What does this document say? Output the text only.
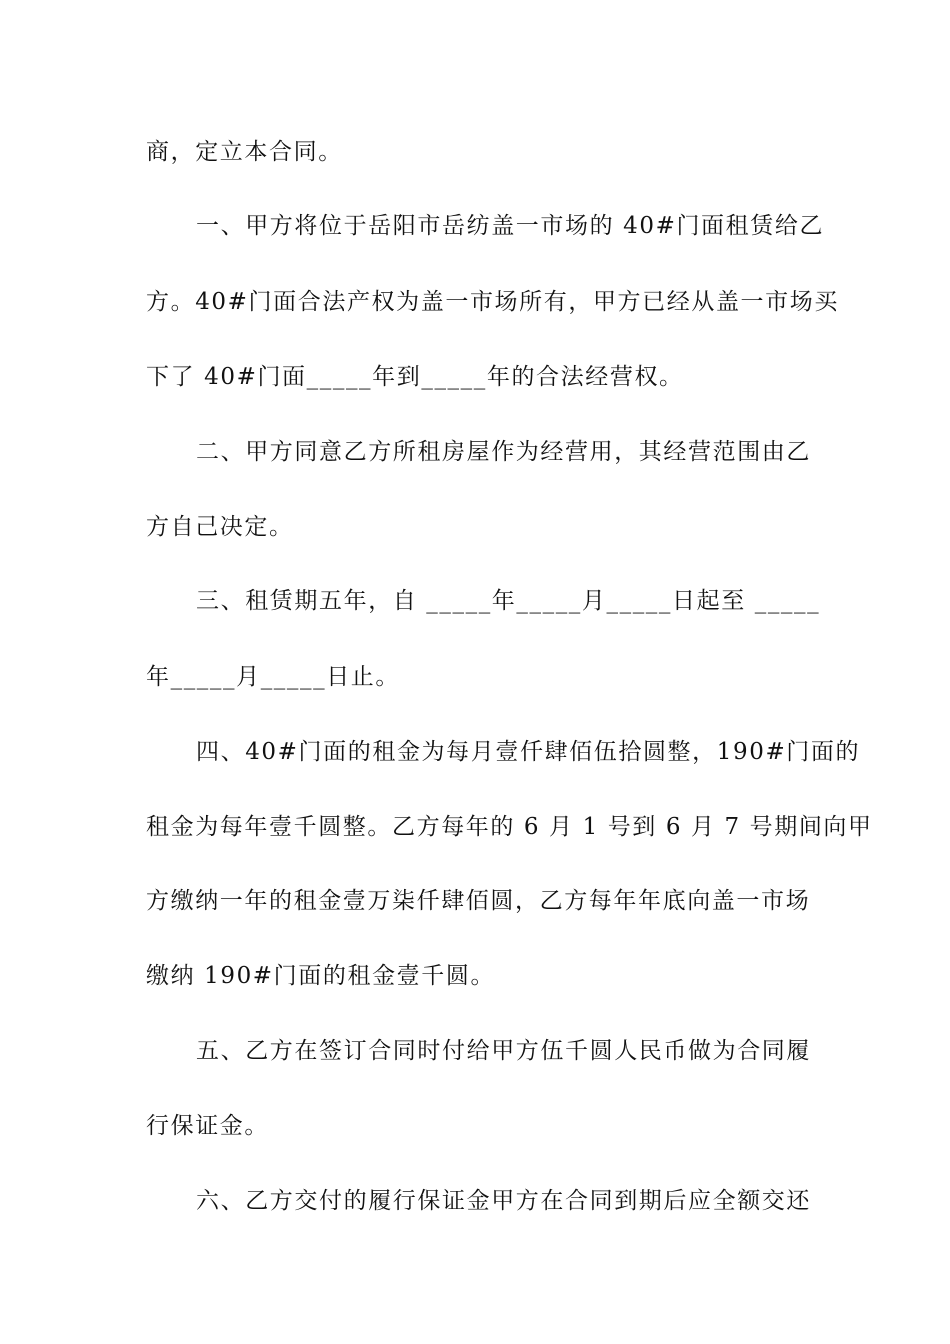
商，定立本合同。
一、甲方将位于岳阳市岳纺盖一市场的 40#门面租赁给乙
方。40#门面合法产权为盖一市场所有，甲方已经从盖一市场买
下了 40#门面_____年到_____年的合法经营权。
二、甲方同意乙方所租房屋作为经营用，其经营范围由乙
方自己决定。
三、租赁期五年，自 _____年_____月_____日起至 _____
年_____月_____日止。
四、40#门面的租金为每月壹仟肆佰伍拾圆整，190#门面的
租金为每年壹千圆整。乙方每年的 6 月 1 号到 6 月 7 号期间向甲
方缴纳一年的租金壹万柒仟肆佰圆，乙方每年年底向盖一市场
缴纳 190#门面的租金壹千圆。
五、乙方在签订合同时付给甲方伍千圆人民币做为合同履
行保证金。
六、乙方交付的履行保证金甲方在合同到期后应全额交还
